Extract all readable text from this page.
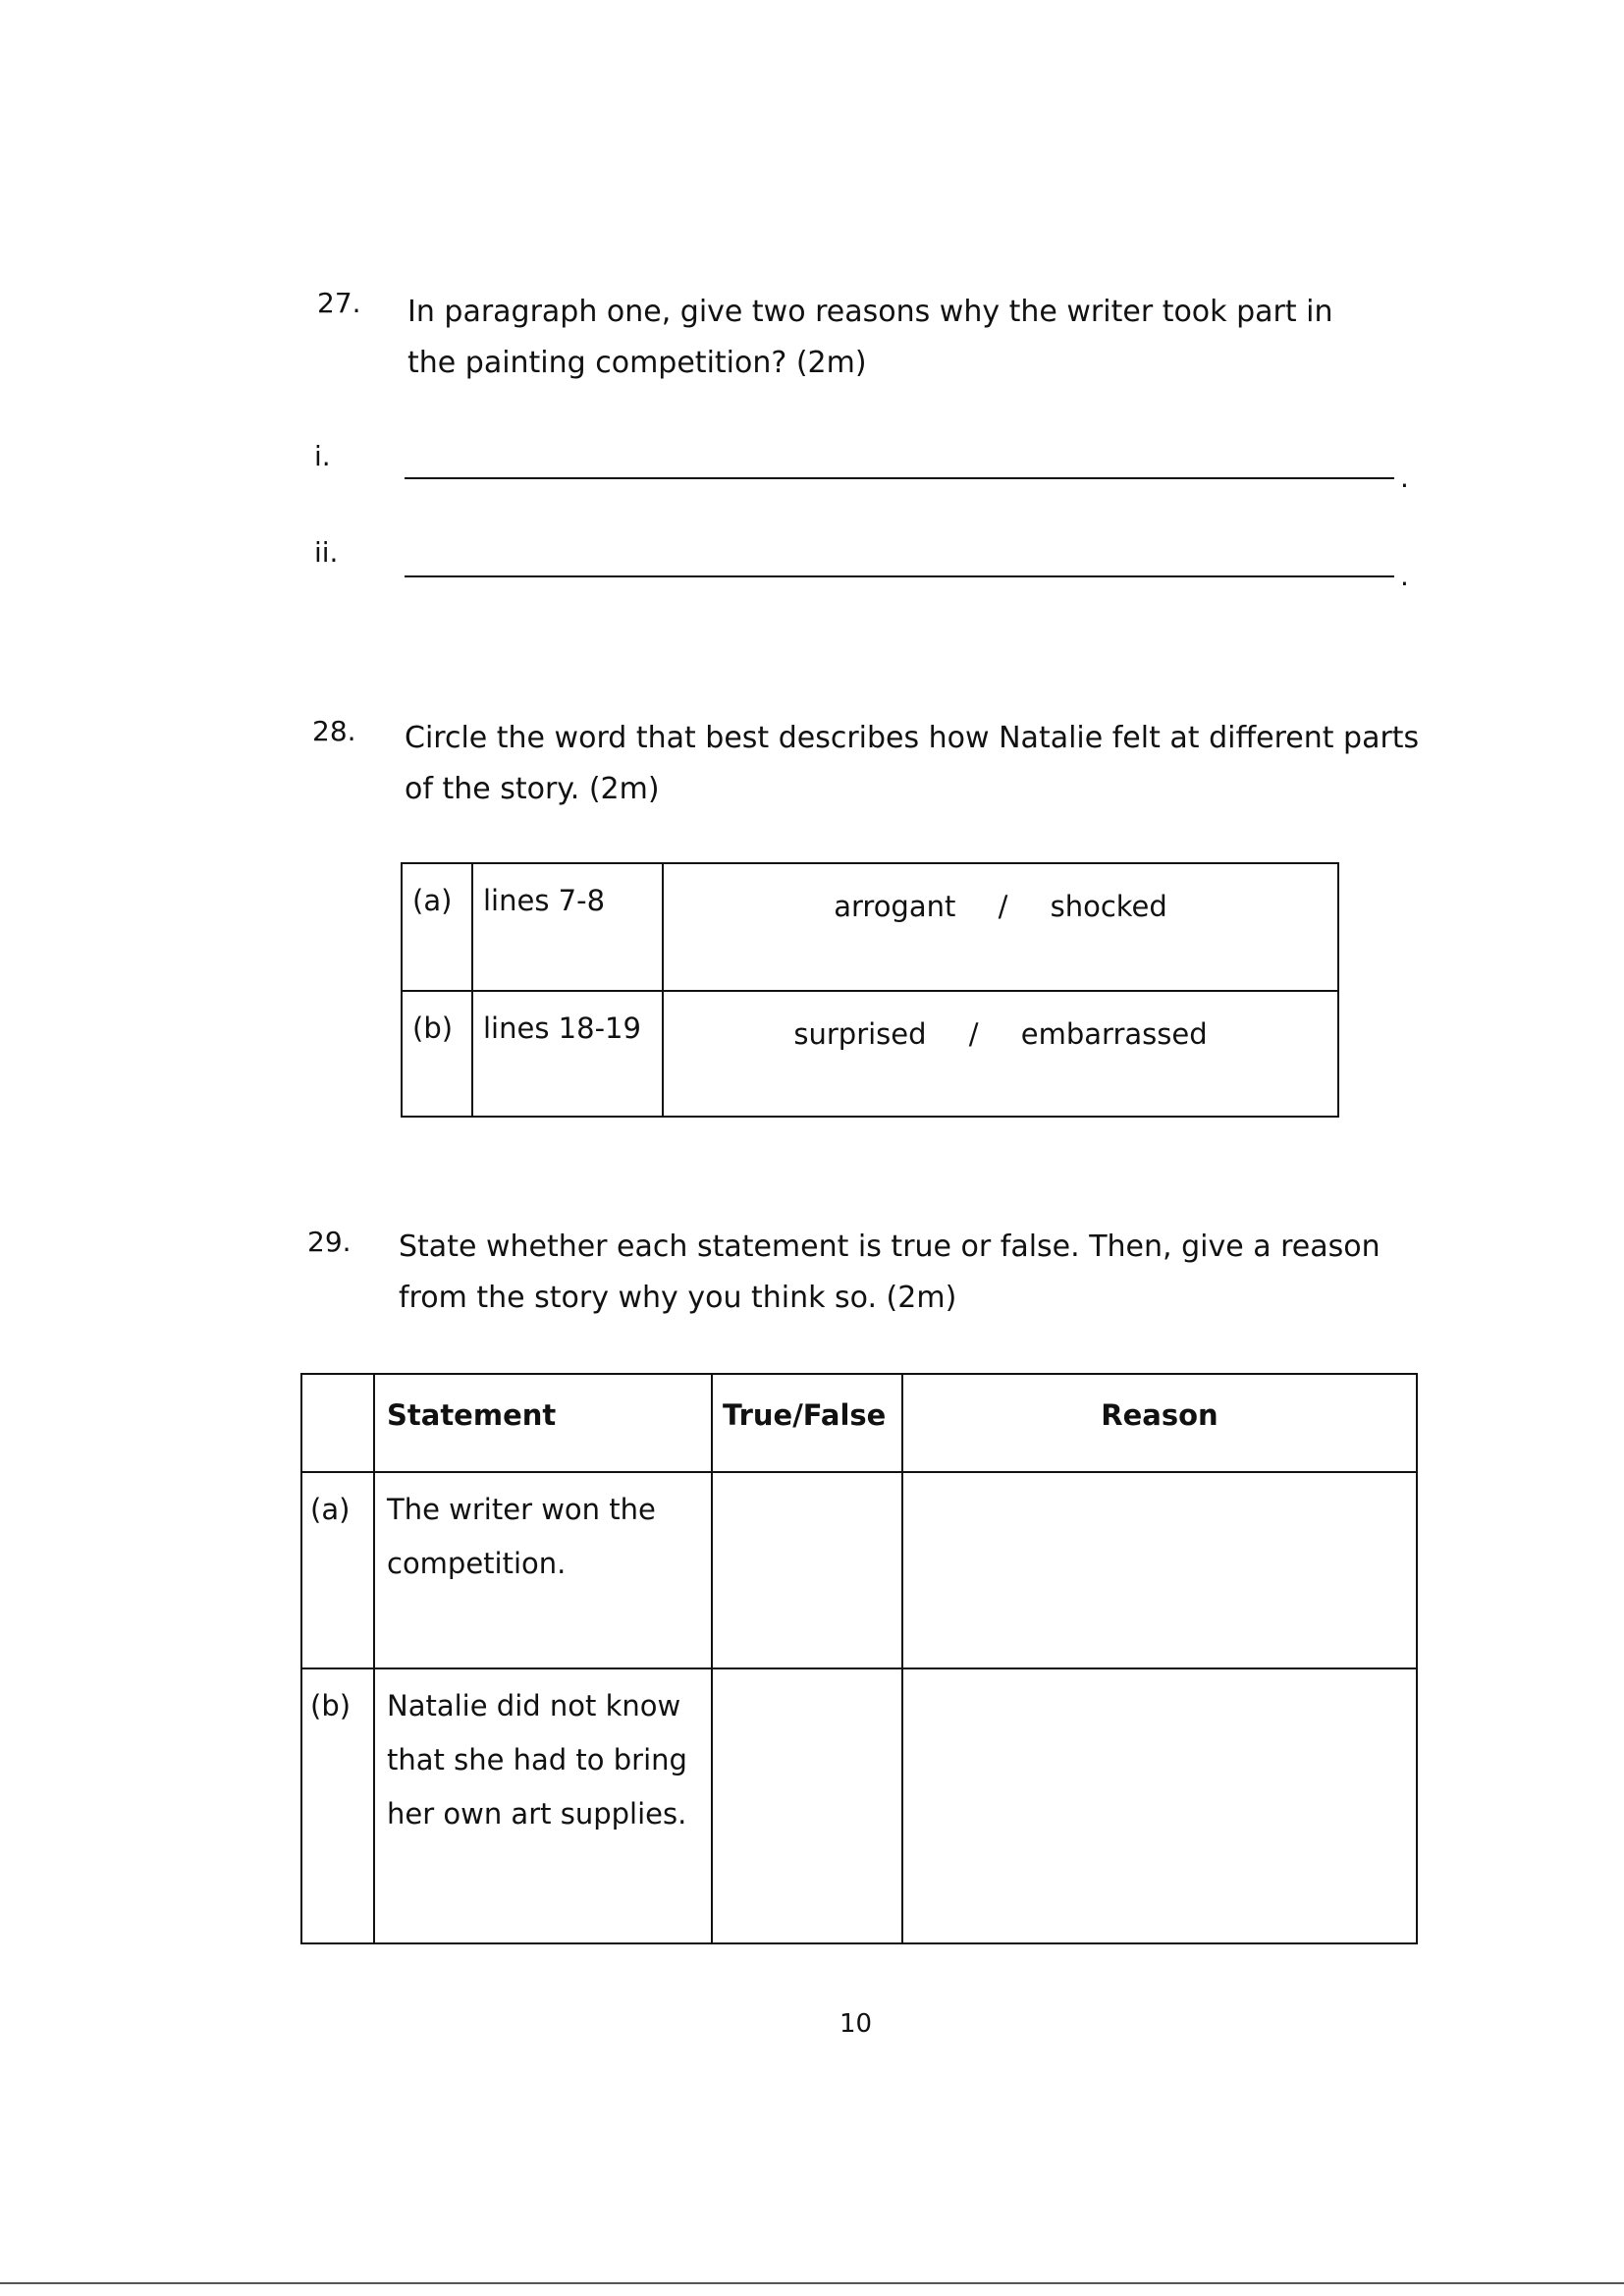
27. In paragraph one, give two reasons why the writer took part in the painting competition? (2m)
i.
.
ii.
.
28. Circle the word that best describes how Natalie felt at different parts of the story. (2m)
(a)	lines 7-8	arrogant / shocked

(b)	lines 18-19	surprised / embarrassed
29. State whether each statement is true or false. Then, give a reason from the story why you think so. (2m)
	Statement	True/False	Reason
(a)	The writer won the competition.		
(b)	Natalie did not know that she had to bring her own art supplies.		
10
